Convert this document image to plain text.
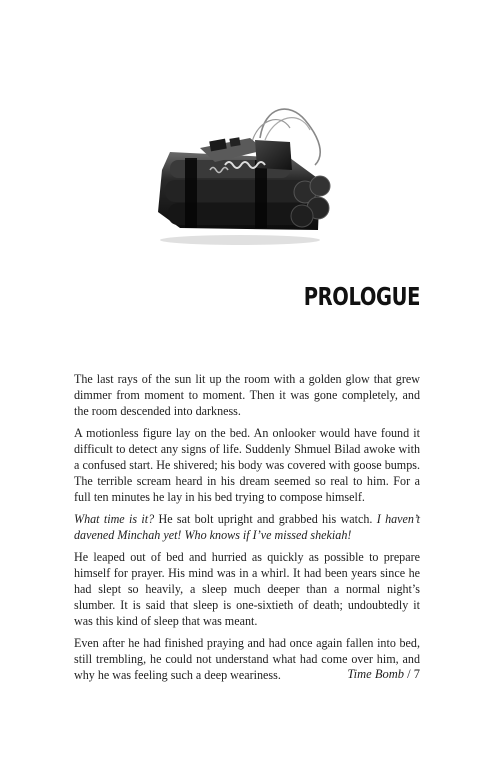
PROLOGUE

The last rays of the sun lit up the room with a golden glow that grew dimmer from moment to moment. Then it was gone completely, and the room descended into darkness.

A motionless figure lay on the bed. An onlooker would have found it difficult to detect any signs of life. Suddenly Shmuel Bilad awoke with a confused start. He shivered; his body was covered with goose bumps. The terrible scream heard in his dream seemed so real to him. For a full ten minutes he lay in his bed trying to compose himself.

What time is it? He sat bolt upright and grabbed his watch. I haven’t davened Minchah yet! Who knows if I’ve missed shekiah!

He leaped out of bed and hurried as quickly as possible to prepare himself for prayer. His mind was in a whirl. It had been years since he had slept so heavily, a sleep much deeper than a normal night’s slumber. It is said that sleep is one-sixtieth of death; undoubtedly it was this kind of sleep that was meant.

Even after he had finished praying and had once again fallen into bed, still trembling, he could not understand what had come over him, and why he was feeling such a deep weariness.	Time Bomb / 7
